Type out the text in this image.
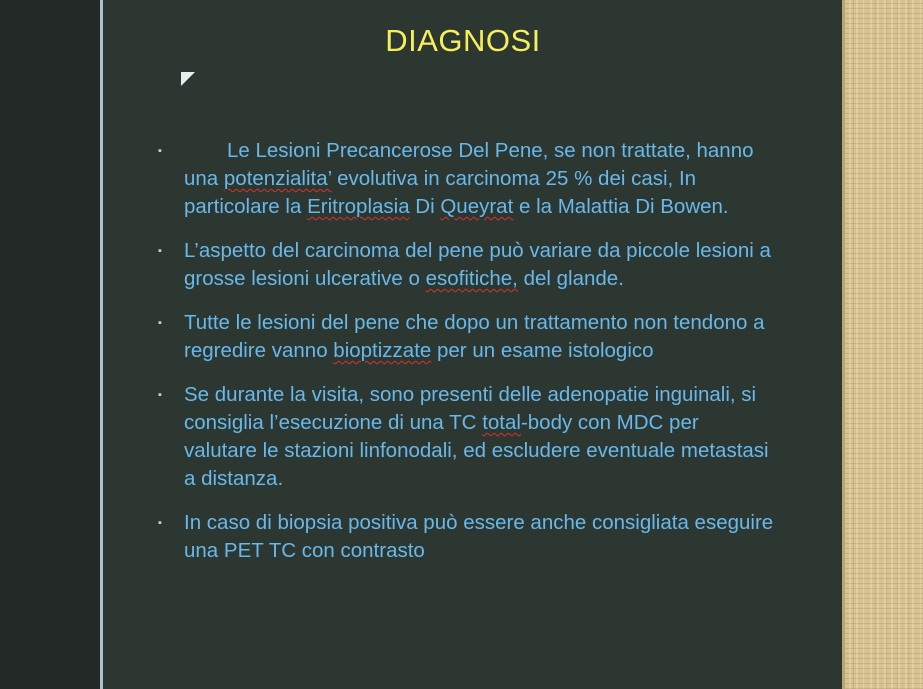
DIAGNOSI
▪	Le Lesioni Precancerose Del Pene, se non trattate, hanno una potenzialita’ evolutiva in carcinoma 25 % dei casi, In particolare la Eritroplasia Di Queyrat e la Malattia Di Bowen.
▪ L’aspetto del carcinoma del pene può variare da piccole lesioni a grosse lesioni ulcerative o esofitiche, del glande.
▪ Tutte le lesioni del pene che dopo un trattamento non tendono a regredire vanno bioptizzate per un esame istologico
▪ Se durante la visita, sono presenti delle adenopatie inguinali, si consiglia l’esecuzione di una TC total-body con MDC per valutare le stazioni linfonodali, ed escludere eventuale metastasi a distanza.
▪ In caso di biopsia positiva può essere anche consigliata eseguire una PET TC con contrasto
